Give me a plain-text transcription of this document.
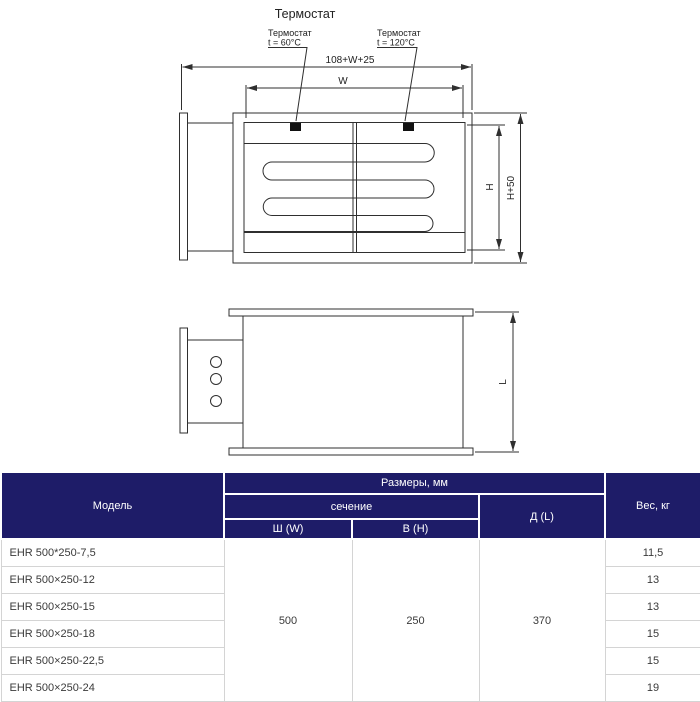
Термостат
Термостат
t = 60°C
Термостат
t = 120°C
108+W+25
W
H H+50
L
Модель	Размеры, мм			Вес, кг
	сечение		Д (L)	
	Ш (W)	В (H)		
EHR 500*250-7,5	500	250	370	11,5
EHR 500×250-12				13
EHR 500×250-15				13
EHR 500×250-18				15
EHR 500×250-22,5				15
EHR 500×250-24				19
